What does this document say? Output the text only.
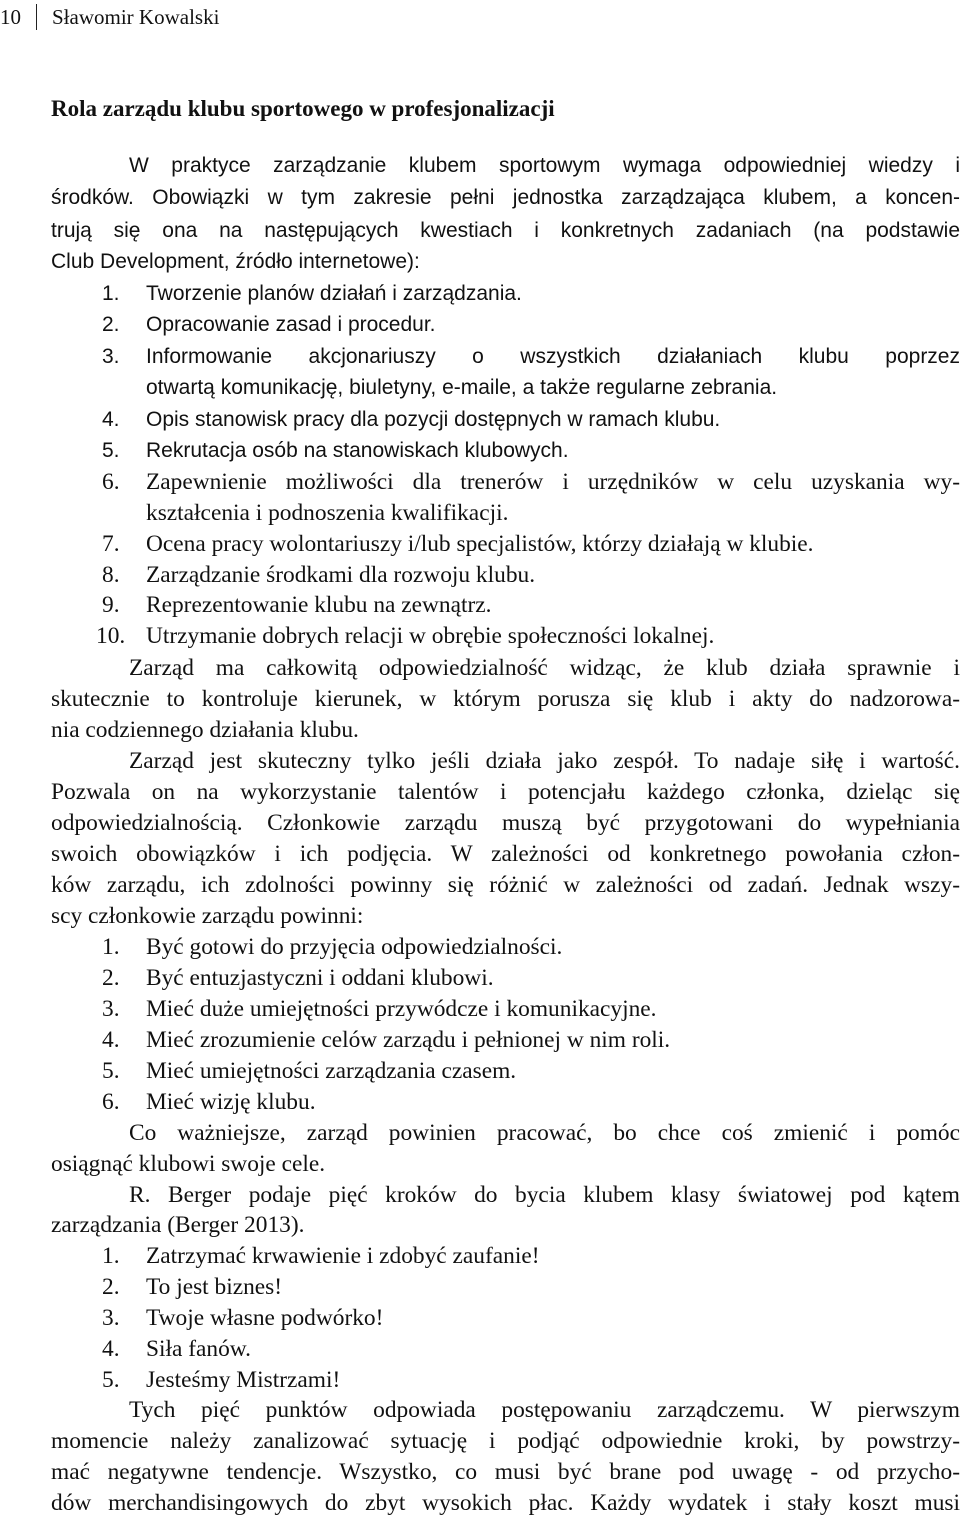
10	Sławomir Kowalski
Rola zarządu klubu sportowego w profesjonalizacji
W praktyce zarządzanie klubem sportowym wymaga odpowiedniej wiedzy i
środków. Obowiązki w tym zakresie pełni jednostka zarządzająca klubem, a koncen-
trują się ona na następujących kwestiach i konkretnych zadaniach (na podstawie
Club Development, źródło internetowe):
1. Tworzenie planów działań i zarządzania.
2. Opracowanie zasad i procedur.
3. Informowanie akcjonariuszy o wszystkich działaniach klubu poprzez
otwartą komunikację, biuletyny, e-maile, a także regularne zebrania.
4. Opis stanowisk pracy dla pozycji dostępnych w ramach klubu.
5. Rekrutacja osób na stanowiskach klubowych.
6. Zapewnienie możliwości dla trenerów i urzędników w celu uzyskania wy-
kształcenia i podnoszenia kwalifikacji.
7. Ocena pracy wolontariuszy i/lub specjalistów, którzy działają w klubie.
8. Zarządzanie środkami dla rozwoju klubu.
9. Reprezentowanie klubu na zewnątrz.
10. Utrzymanie dobrych relacji w obrębie społeczności lokalnej.
Zarząd ma całkowitą odpowiedzialność widząc, że klub działa sprawnie i
skutecznie to kontroluje kierunek, w którym porusza się klub i akty do nadzorowa-
nia codziennego działania klubu.
Zarząd jest skuteczny tylko jeśli działa jako zespół. To nadaje siłę i wartość.
Pozwala on na wykorzystanie talentów i potencjału każdego członka, dzieląc się
odpowiedzialnością. Członkowie zarządu muszą być przygotowani do wypełniania
swoich obowiązków i ich podjęcia. W zależności od konkretnego powołania człon-
ków zarządu, ich zdolności powinny się różnić w zależności od zadań. Jednak wszy-
scy członkowie zarządu powinni:
1. Być gotowi do przyjęcia odpowiedzialności.
2. Być entuzjastyczni i oddani klubowi.
3. Mieć duże umiejętności przywódcze i komunikacyjne.
4. Mieć zrozumienie celów zarządu i pełnionej w nim roli.
5. Mieć umiejętności zarządzania czasem.
6. Mieć wizję klubu.
Co ważniejsze, zarząd powinien pracować, bo chce coś zmienić i pomóc
osiągnąć klubowi swoje cele.
R. Berger podaje pięć kroków do bycia klubem klasy światowej pod kątem
zarządzania (Berger 2013).
1. Zatrzymać krwawienie i zdobyć zaufanie!
2. To jest biznes!
3. Twoje własne podwórko!
4. Siła fanów.
5. Jesteśmy Mistrzami!
Tych pięć punktów odpowiada postępowaniu zarządczemu. W pierwszym
momencie należy zanalizować sytuację i podjąć odpowiednie kroki, by powstrzy-
mać negatywne tendencje. Wszystko, co musi być brane pod uwagę - od przycho-
dów merchandisingowych do zbyt wysokich płac. Każdy wydatek i stały koszt musi
